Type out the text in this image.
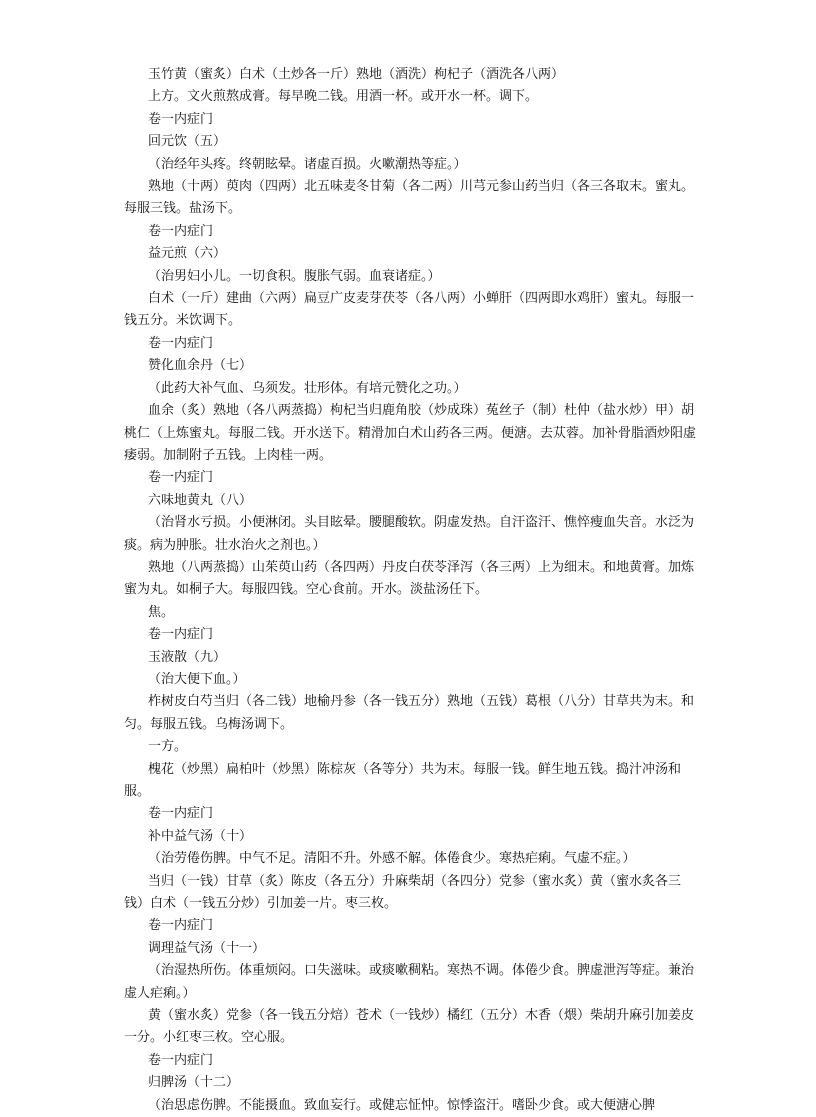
玉竹黄（蜜炙）白术（土炒各一斤）熟地（酒洗）枸杞子（酒洗各八两）

上方。文火煎熬成膏。每早晚二钱。用酒一杯。或开水一杯。调下。

卷一内症门

回元饮（五）

（治经年头疼。终朝眩晕。诸虚百损。火嗽潮热等症。）

熟地（十两）萸肉（四两）北五味麦冬甘菊（各二两）川芎元参山药当归（各三各取末。蜜丸。每服三钱。盐汤下。

卷一内症门

益元煎（六）

（治男妇小儿。一切食积。腹胀气弱。血衰诸症。）

白术（一斤）建曲（六两）扁豆广皮麦芽茯苓（各八两）小蝉肝（四两即水鸡肝）蜜丸。每服一钱五分。米饮调下。

卷一内症门

赞化血余丹（七）

（此药大补气血、乌须发。壮形体。有培元赞化之功。）

血余（炙）熟地（各八两蒸捣）枸杞当归鹿角胶（炒成珠）菟丝子（制）杜仲（盐水炒）甲）胡桃仁（上炼蜜丸。每服二钱。开水送下。精滑加白术山药各三两。便溏。去苁蓉。加补骨脂酒炒阳虚痿弱。加制附子五钱。上肉桂一两。

卷一内症门

六味地黄丸（八）

（治肾水亏损。小便淋闭。头目眩晕。腰腿酸软。阴虚发热。自汗盗汗、憔悴瘦血失音。水泛为痰。病为肿胀。壮水治火之剂也。）

熟地（八两蒸捣）山茱萸山药（各四两）丹皮白茯苓泽泻（各三两）上为细末。和地黄膏。加炼蜜为丸。如桐子大。每服四钱。空心食前。开水。淡盐汤任下。

焦。

卷一内症门

玉液散（九）

（治大便下血。）

柞树皮白芍当归（各二钱）地榆丹参（各一钱五分）熟地（五钱）葛根（八分）甘草共为末。和匀。每服五钱。乌梅汤调下。

一方。

槐花（炒黑）扁柏叶（炒黑）陈棕灰（各等分）共为末。每服一钱。鲜生地五钱。捣汁冲汤和服。

卷一内症门

补中益气汤（十）

（治劳倦伤脾。中气不足。清阳不升。外感不解。体倦食少。寒热疟痢。气虚不症。）

当归（一钱）甘草（炙）陈皮（各五分）升麻柴胡（各四分）党参（蜜水炙）黄（蜜水炙各三钱）白术（一钱五分炒）引加姜一片。枣三枚。

卷一内症门

调理益气汤（十一）

（治湿热所伤。体重烦闷。口失滋味。或痰嗽稠粘。寒热不调。体倦少食。脾虚泄泻等症。兼治虚人疟痢。）

黄（蜜水炙）党参（各一钱五分焙）苍术（一钱炒）橘红（五分）木香（煨）柴胡升麻引加姜皮一分。小红枣三枚。空心服。

卷一内症门

归脾汤（十二）

（治思虑伤脾。不能摄血。致血妄行。或健忘怔忡。惊悸盗汗。嗜卧少食。或大便溏心脾
